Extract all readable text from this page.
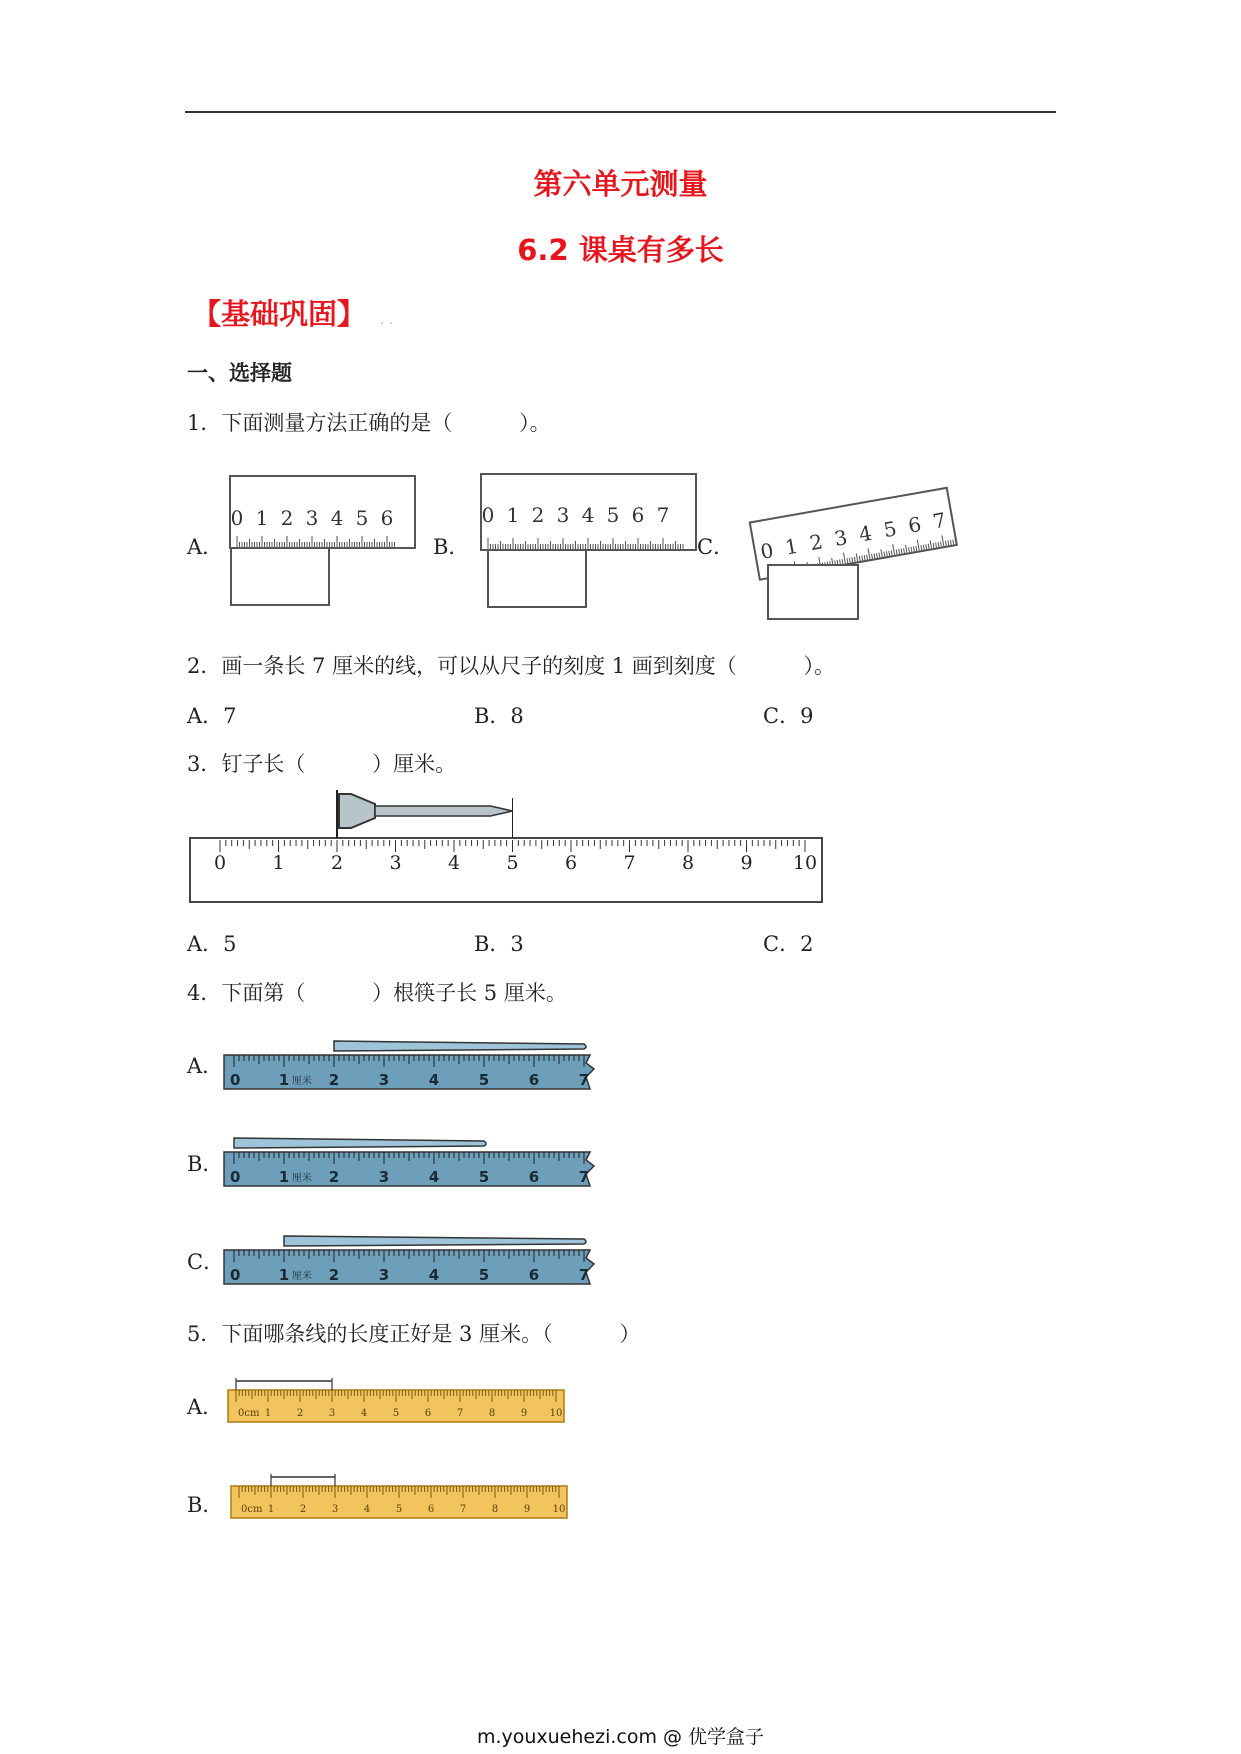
第六单元测量
6.2 课桌有多长
【基础巩固】 . .
一、选择题
1．下面测量方法正确的是（          ）。
A．	B．	C．
0 1 2 3 4 5 6	0 1 2 3 4 5 6 7
0 1 2 3 4 5 6 7
2．画一条长 7 厘米的线，可以从尺子的刻度 1 画到刻度（          ）。
A．7	B．8	C．9
3．钉子长（          ）厘米。
0 1 2 3 4 5 6 7 8 9 10
A．5	B．3	C．2
4．下面第（          ）根筷子长 5 厘米。
A．
B．
C．
0	1	2	3	4	5	6	7
厘米
0	1	2	3	4	5	6	7
厘米
0	1	2	3	4	5	6	7
厘米
5．下面哪条线的长度正好是 3 厘米。（          ）
A．
B．
0cm 1	2	3	4	5	6	7	8	9 10
0cm 1	2	3	4	5	6	7	8	9 10
m.youxuehezi.com @ 优学盒子
